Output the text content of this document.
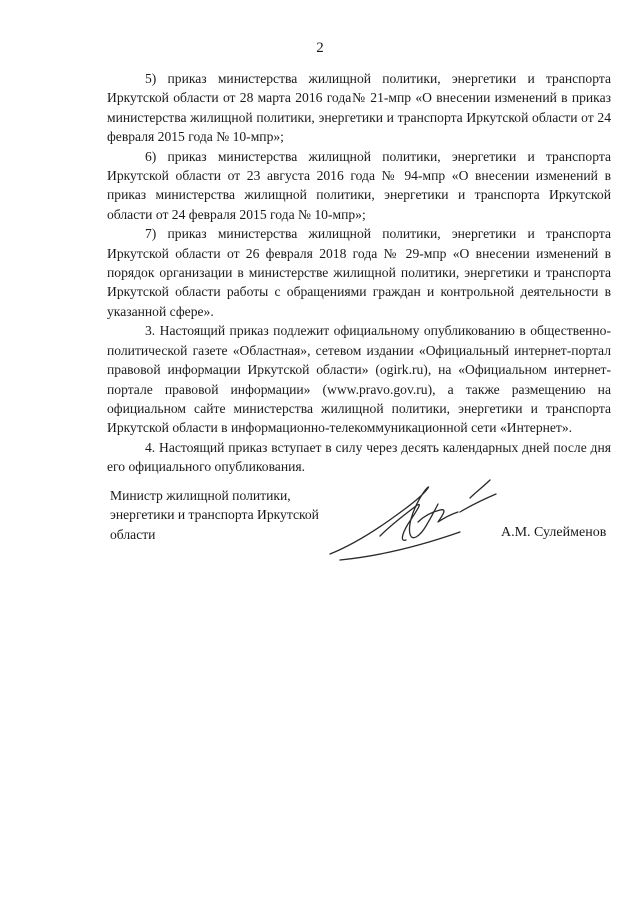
2

5) приказ министерства жилищной политики, энергетики и транспорта Иркутской области от 28 марта 2016 года№ 21-мпр «О внесении изменений в приказ министерства жилищной политики, энергетики и транспорта Иркутской области от 24 февраля 2015 года № 10-мпр»;

6) приказ министерства жилищной политики, энергетики и транспорта Иркутской области от 23 августа 2016 года № 94-мпр «О внесении изменений в приказ министерства жилищной политики, энергетики и транспорта Иркутской области от 24 февраля 2015 года № 10-мпр»;

7) приказ министерства жилищной политики, энергетики и транспорта Иркутской области от 26 февраля 2018 года № 29-мпр «О внесении изменений в порядок организации в министерстве жилищной политики, энергетики и транспорта Иркутской области работы с обращениями граждан и контрольной деятельности в указанной сфере».

3. Настоящий приказ подлежит официальному опубликованию в общественно-политической газете «Областная», сетевом издании «Официальный интернет-портал правовой информации Иркутской области» (ogirk.ru), на «Официальном интернет-портале правовой информации» (www.pravo.gov.ru), а также размещению на официальном сайте министерства жилищной политики, энергетики и транспорта Иркутской области в информационно-телекоммуникационной сети «Интернет».

4. Настоящий приказ вступает в силу через десять календарных дней после дня его официального опубликования.

Министр жилищной политики,
энергетики и транспорта Иркутской
области	А.М. Сулейменов
